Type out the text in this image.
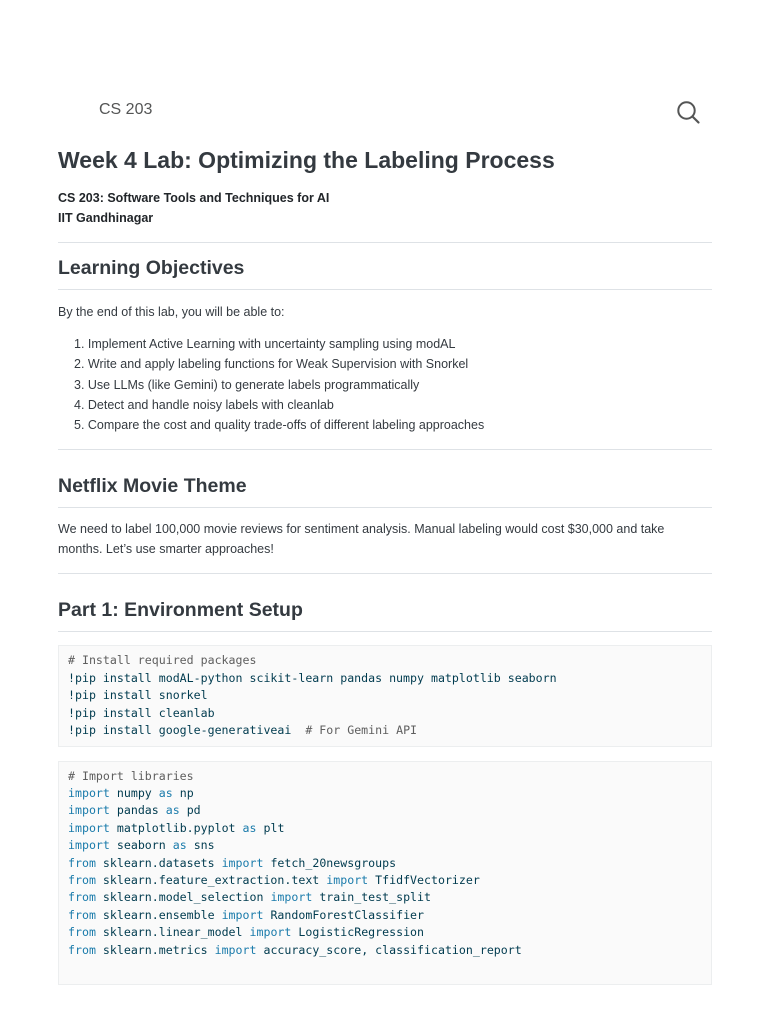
CS 203
Week 4 Lab: Optimizing the Labeling Process
CS 203: Software Tools and Techniques for AI
IIT Gandhinagar
Learning Objectives

By the end of this lab, you will be able to:

1. Implement Active Learning with uncertainty sampling using modAL
2. Write and apply labeling functions for Weak Supervision with Snorkel
3. Use LLMs (like Gemini) to generate labels programmatically
4. Detect and handle noisy labels with cleanlab
5. Compare the cost and quality trade-offs of different labeling approaches
Netflix Movie Theme

We need to label 100,000 movie reviews for sentiment analysis. Manual labeling would cost $30,000 and take months. Let’s use smarter approaches!

Part 1: Environment Setup
# Install required packages
!pip install modAL-python scikit-learn pandas numpy matplotlib seaborn
!pip install snorkel
!pip install cleanlab
!pip install google-generativeai # For Gemini API
# Import libraries
import numpy as np
import pandas as pd
import matplotlib.pyplot as plt
import seaborn as sns
from sklearn.datasets import fetch_20newsgroups
from sklearn.feature_extraction.text import TfidfVectorizer
from sklearn.model_selection import train_test_split
from sklearn.ensemble import RandomForestClassifier
from sklearn.linear_model import LogisticRegression
from sklearn.metrics import accuracy_score, classification_report
